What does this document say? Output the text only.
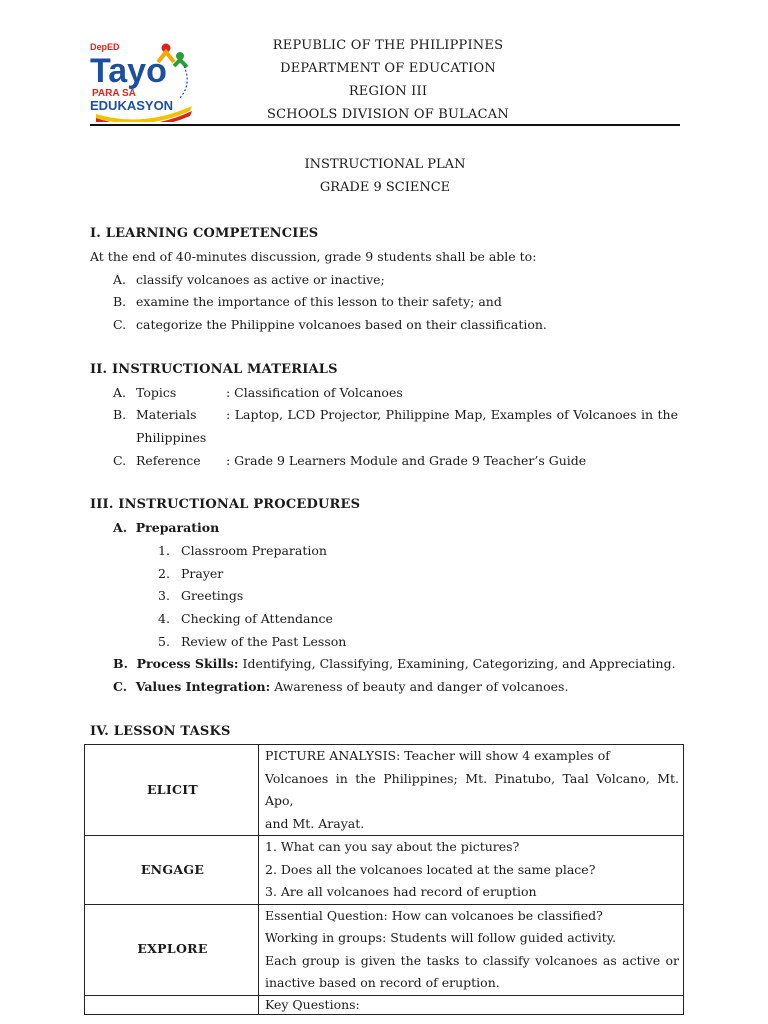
DepED
Tayo
PARA SA
EDUKASYON
REPUBLIC OF THE PHILIPPINES
DEPARTMENT OF EDUCATION
REGION III
SCHOOLS DIVISION OF BULACAN
INSTRUCTIONAL PLAN
GRADE 9 SCIENCE
I. LEARNING COMPETENCIES
At the end of 40-minutes discussion, grade 9 students shall be able to:
A. classify volcanoes as active or inactive;
B. examine the importance of this lesson to their safety; and
C. categorize the Philippine volcanoes based on their classification.
II. INSTRUCTIONAL MATERIALS
A. Topics	: Classification of Volcanoes
B. Materials : Laptop, LCD Projector, Philippine Map, Examples of Volcanoes in the
Philippines
C. Reference : Grade 9 Learners Module and Grade 9 Teacher’s Guide
III. INSTRUCTIONAL PROCEDURES
A.  Preparation
1. Classroom Preparation
2. Prayer
3. Greetings
4. Checking of Attendance
5. Review of the Past Lesson
B.  Process Skills: Identifying, Classifying, Examining, Categorizing, and Appreciating.
C.  Values Integration: Awareness of beauty and danger of volcanoes.
IV. LESSON TASKS
ELICIT	PICTURE ANALYSIS: Teacher will show 4 examples of
Volcanoes in the Philippines; Mt. Pinatubo, Taal Volcano, Mt. Apo,
and Mt. Arayat.

ENGAGE	1. What can you say about the pictures?
2. Does all the volcanoes located at the same place?
3. Are all volcanoes had record of eruption

EXPLORE	Essential Question: How can volcanoes be classified?
Working in groups: Students will follow guided activity.
Each group is given the tasks to classify volcanoes as active or
inactive based on record of eruption.

	Key Questions:
